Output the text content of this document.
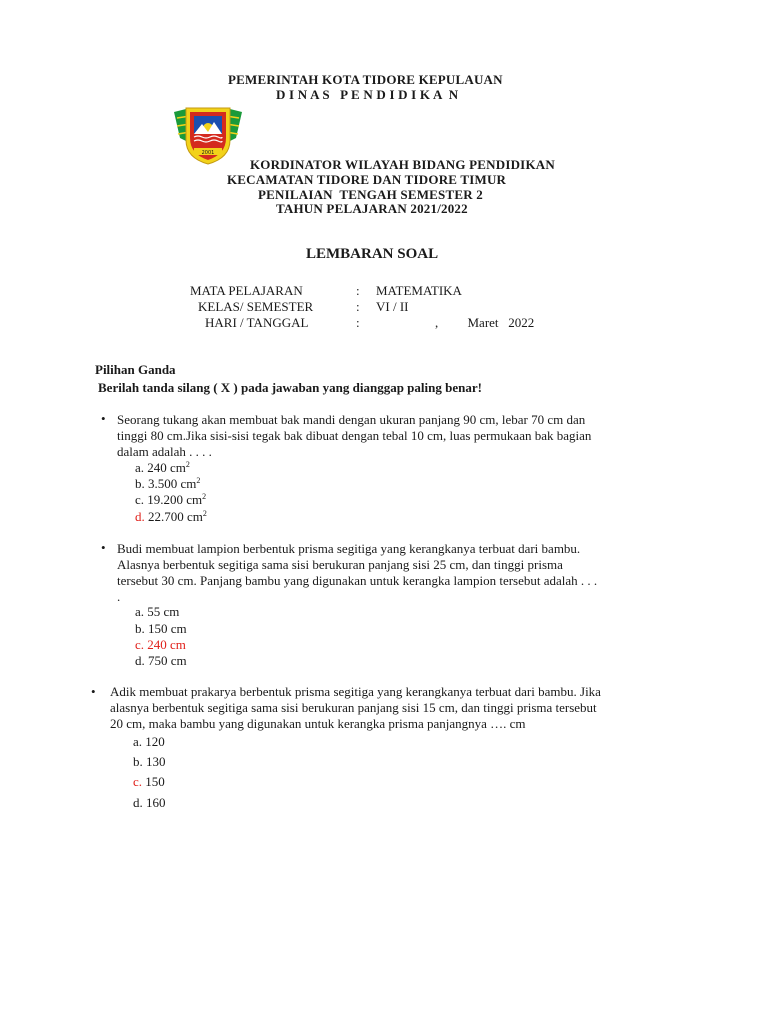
PEMERINTAH KOTA TIDORE KEPULAUAN
D I N A S   P E N D I D I K A  N
2001
KORDINATOR WILAYAH BIDANG PENDIDIKAN
KECAMATAN TIDORE DAN TIDORE TIMUR
PENILAIAN  TENGAH SEMESTER 2
TAHUN PELAJARAN 2021/2022
LEMBARAN SOAL
MATA PELAJARAN	: MATEMATIKA
KELAS/ SEMESTER	: VI / II
HARI / TANGGAL	:	,         Maret   2022
Pilihan Ganda
Berilah tanda silang ( X ) pada jawaban yang dianggap paling benar!
• Seorang tukang akan membuat bak mandi dengan ukuran panjang 90 cm, lebar 70 cm dan
tinggi 80 cm.Jika sisi-sisi tegak bak dibuat dengan tebal 10 cm, luas permukaan bak bagian
dalam adalah . . . .
a. 240 $cm^2$
b. 3.500 $cm^2$
c. 19.200 $cm^2$
d. 22.700 $cm^2$
• Budi membuat lampion berbentuk prisma segitiga yang kerangkanya terbuat dari bambu.
Alasnya berbentuk segitiga sama sisi berukuran panjang sisi 25 cm, dan tinggi prisma
tersebut 30 cm. Panjang bambu yang digunakan untuk kerangka lampion tersebut adalah . . .
.
a. 55 cm
b. 150 cm
c. 240 cm
d. 750 cm
• Adik membuat prakarya berbentuk prisma segitiga yang kerangkanya terbuat dari bambu. Jika
alasnya berbentuk segitiga sama sisi berukuran panjang sisi 15 cm, dan tinggi prisma tersebut
20 cm, maka bambu yang digunakan untuk kerangka prisma panjangnya …. cm
a. 120
b. 130
c. 150
d. 160
